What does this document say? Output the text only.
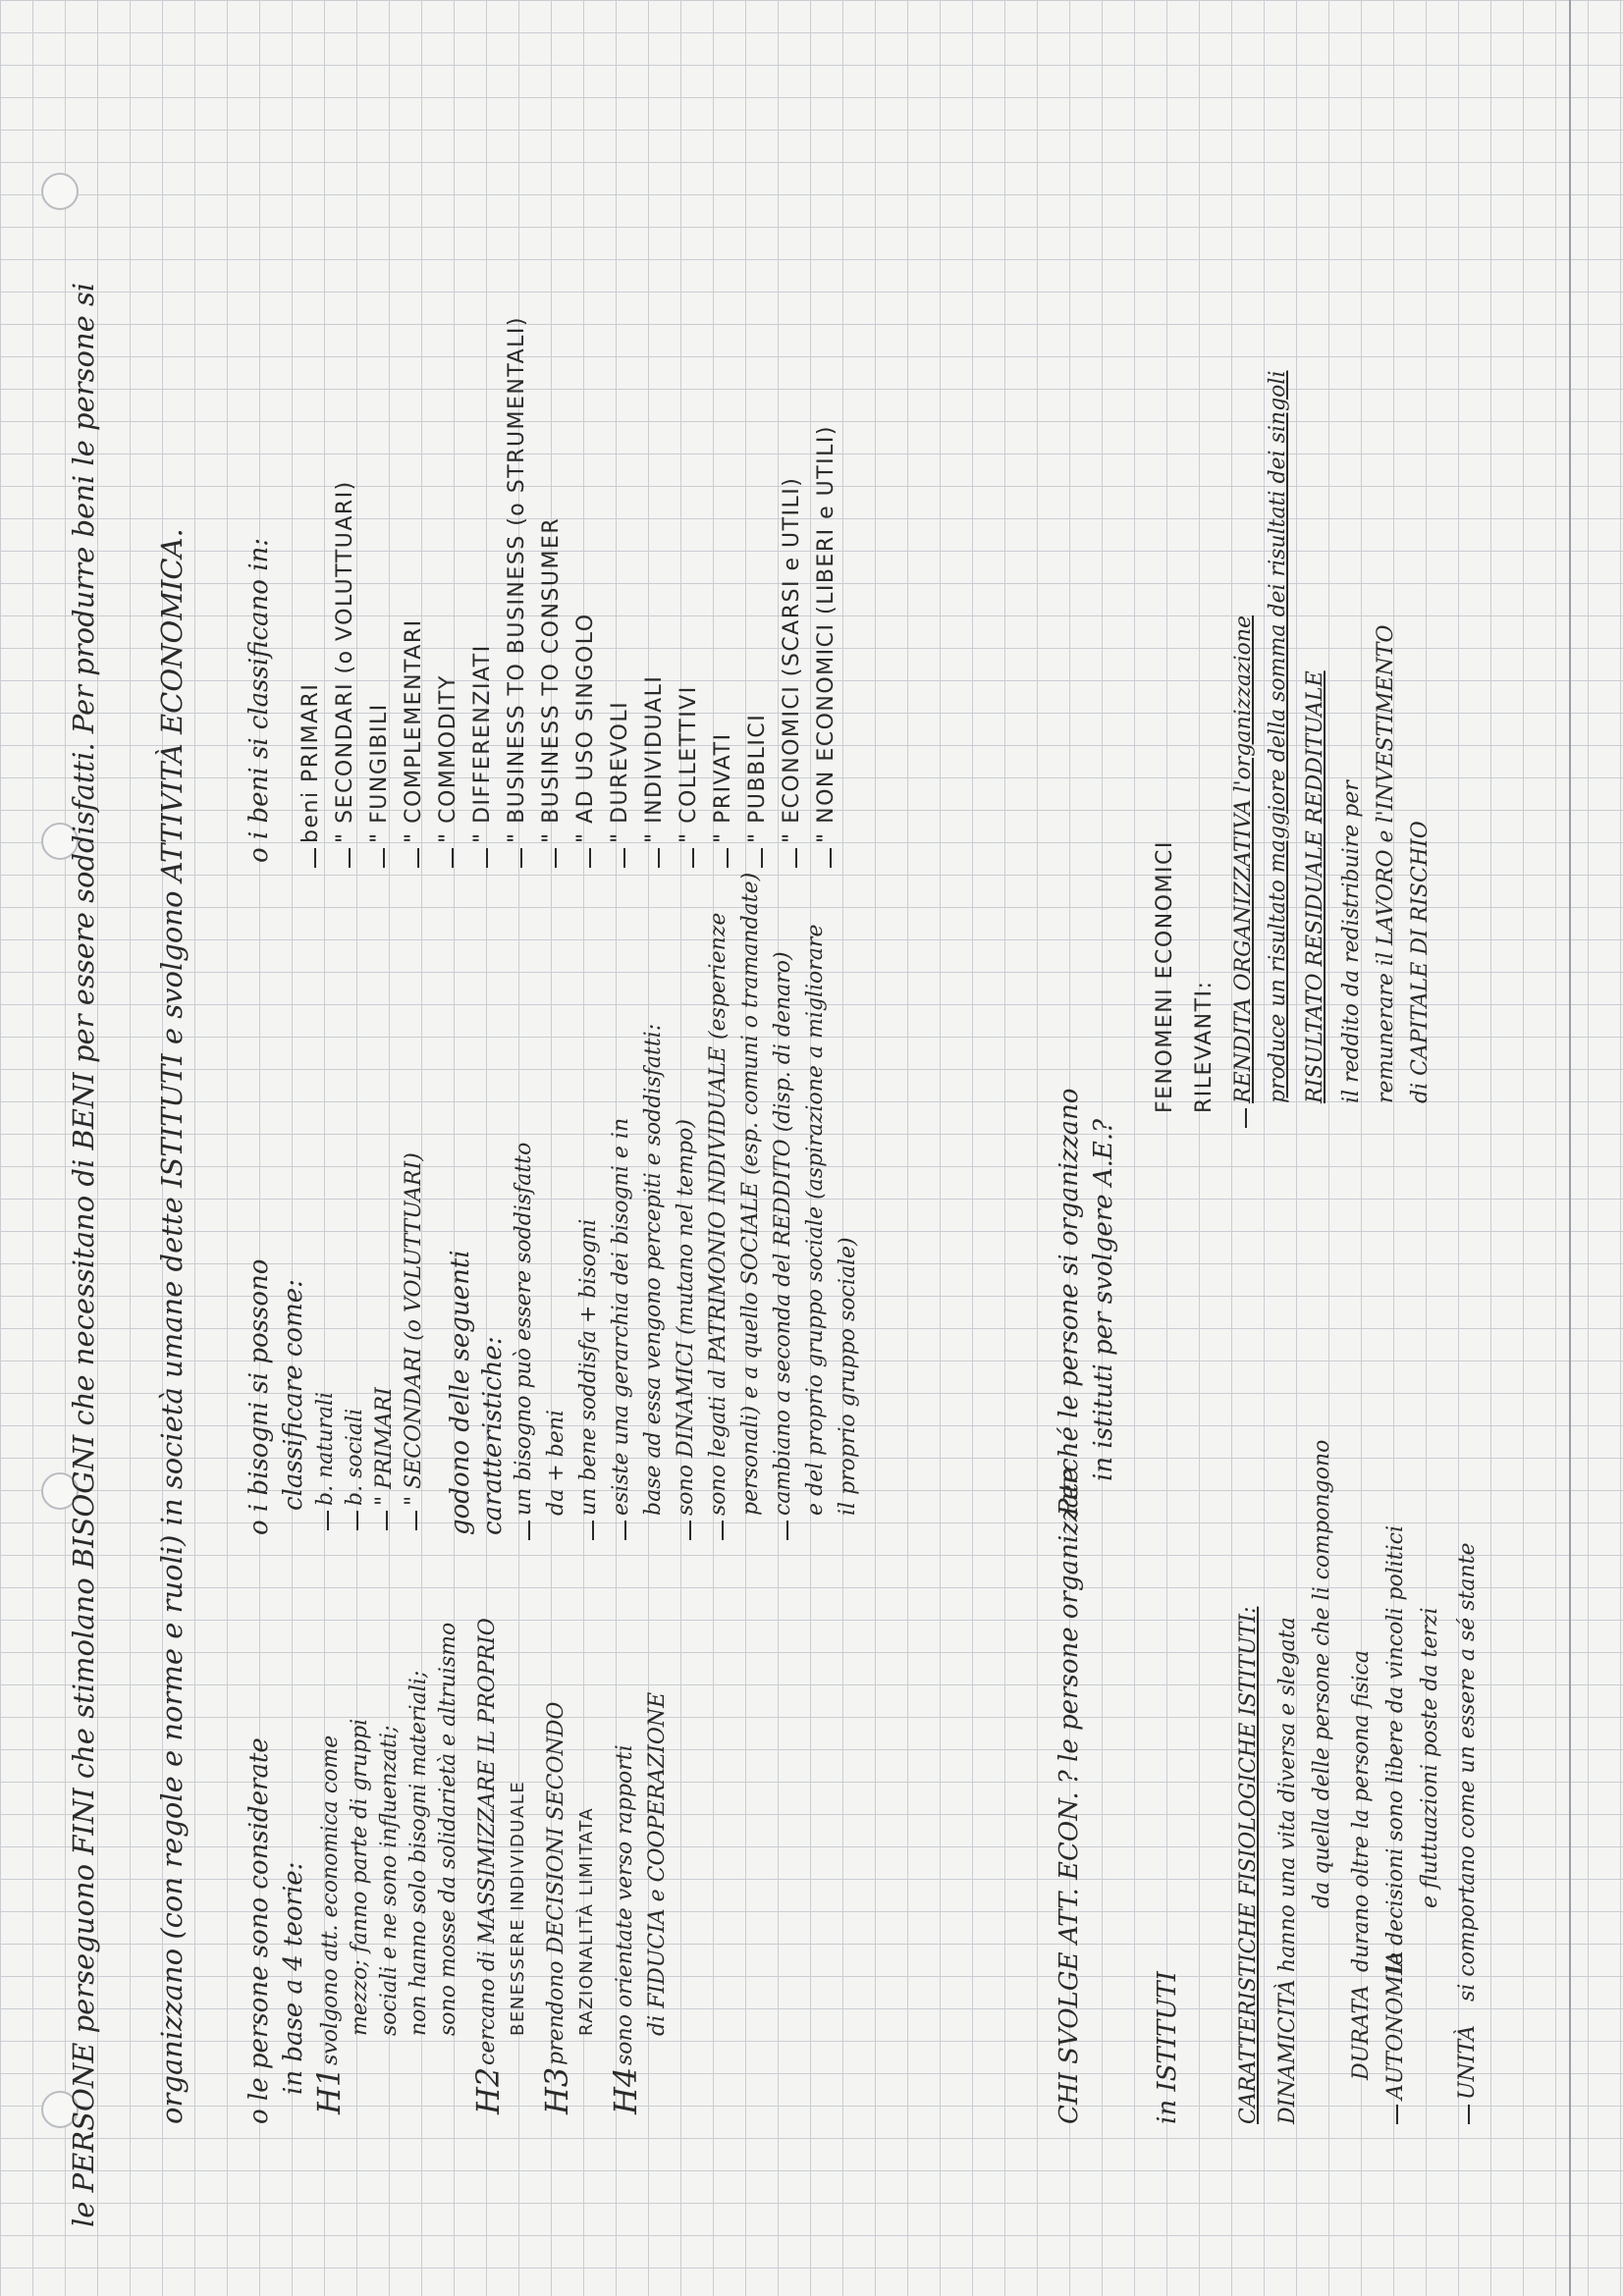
le PERSONE perseguono FINI che stimolano BISOGNI che necessitano di BENI per essere soddisfatti. Per produrre beni le persone si organizzano (con regole e norme e ruoli) in società umane dette ISTITUTI e svolgono ATTIVITÀ ECONOMICA. o le persone sono considerate in base a 4 teorie: H1
svolgono att. economica come mezzo; fanno parte di gruppi sociali e ne sono influenzati; non hanno solo bisogni materiali; sono mosse da solidarietà e altruismo
H2
cercano di MASSIMIZZARE IL PROPRIO BENESSERE INDIVIDUALE
H3
prendono DECISIONI SECONDO RAZIONALITÀ LIMITATA
H4
sono orientate verso rapporti di FIDUCIA e COOPERAZIONE
o i bisogni si possono classificare come: b. naturali b. sociali " PRIMARI " SECONDARI (o VOLUTTUARI) godono delle seguenti caratteristiche: un bisogno può essere soddisfatto da + beni un bene soddisfa + bisogni esiste una gerarchia dei bisogni e in base ad essa vengono percepiti e soddisfatti: sono DINAMICI (mutano nel tempo) sono legati al PATRIMONIO INDIVIDUALE (esperienze personali) e a quello SOCIALE (esp. comuni o tramandate) cambiano a seconda del REDDITO (disp. di denaro) e del proprio gruppo sociale (aspirazione a migliorare il proprio gruppo sociale)
o i beni si classificano in: beni PRIMARI " SECONDARI (o VOLUTTUARI) " FUNGIBILI " COMPLEMENTARI " COMMODITY " DIFFERENZIATI " BUSINESS TO BUSINESS (o STRUMENTALI) " BUSINESS TO CONSUMER " AD USO SINGOLO " DUREVOLI " INDIVIDUALI " COLLETTIVI " PRIVATI " PUBBLICI " ECONOMICI (SCARSI e UTILI) " NON ECONOMICI (LIBERI e UTILI)
CHI SVOLGE ATT. ECON. ? le persone organizzate
Perché le persone si organizzano in istituti per svolgere A.E.?
in ISTITUTI	CARATTERISTICHE FISIOLOGICHE ISTITUTI: DINAMICITÀ
hanno una vita diversa e slegata da quella delle persone che li compongono
DURATA
durano oltre la persona fisica
AUTONOMIA
le decisioni sono libere da vincoli politici e fluttuazioni poste da terzi
UNITÀ
si comportano come un essere a sé stante
FENOMENI ECONOMICI RILEVANTI: RENDITA ORGANIZZATIVA l'organizzazione produce un risultato maggiore della somma dei risultati dei singoli RISULTATO RESIDUALE REDDITUALE il reddito da redistribuire per remunerare il LAVORO e l'INVESTIMENTO di CAPITALE DI RISCHIO
